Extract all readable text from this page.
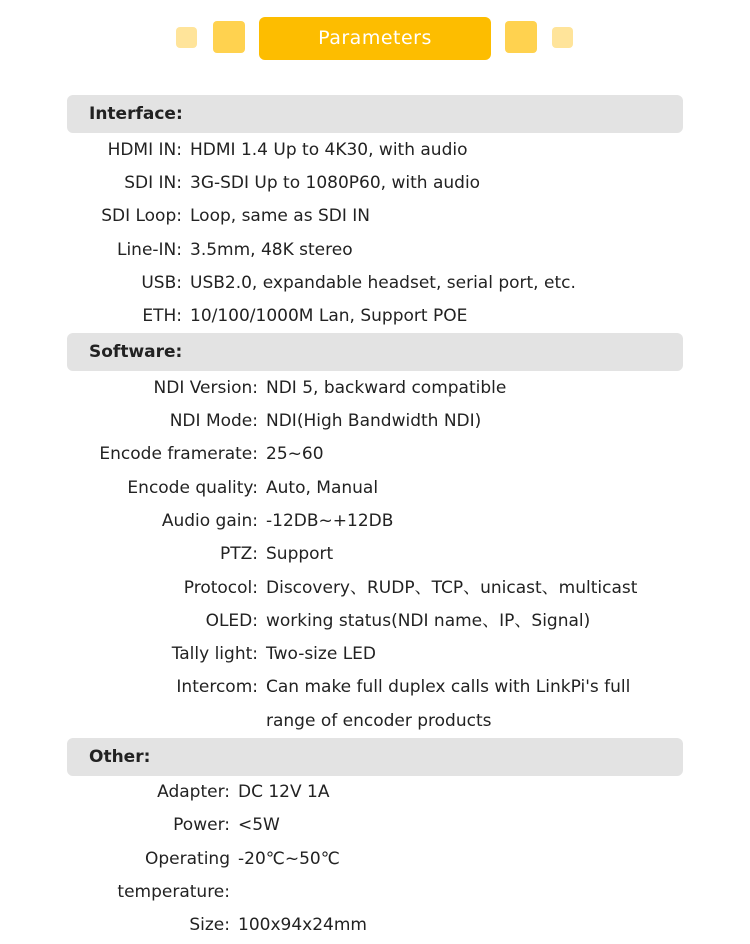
Parameters
Interface:
HDMI IN : HDMI 1.4 Up to 4K30, with audio
SDI IN : 3G-SDI Up to 1080P60, with audio
SDI Loop : Loop, same as SDI IN
Line-IN : 3.5mm, 48K stereo
USB : USB2.0, expandable headset, serial port, etc.
ETH : 10/100/1000M Lan, Support POE
Software:
NDI Version : NDI 5, backward compatible
NDI Mode : NDI(High Bandwidth NDI)
Encode framerate : 25~60
Encode quality : Auto, Manual
Audio gain : -12DB~+12DB
PTZ : Support
Protocol : Discovery、RUDP、TCP、unicast、multicast
OLED : working status(NDI name、IP、Signal)
Tally light : Two-size LED
Intercom : Can make full duplex calls with LinkPi's full
range of encoder products
Other:
Adapter : DC 12V 1A
Power : <5W
Operating -20℃~50℃
temperature :
Size : 100x94x24mm
